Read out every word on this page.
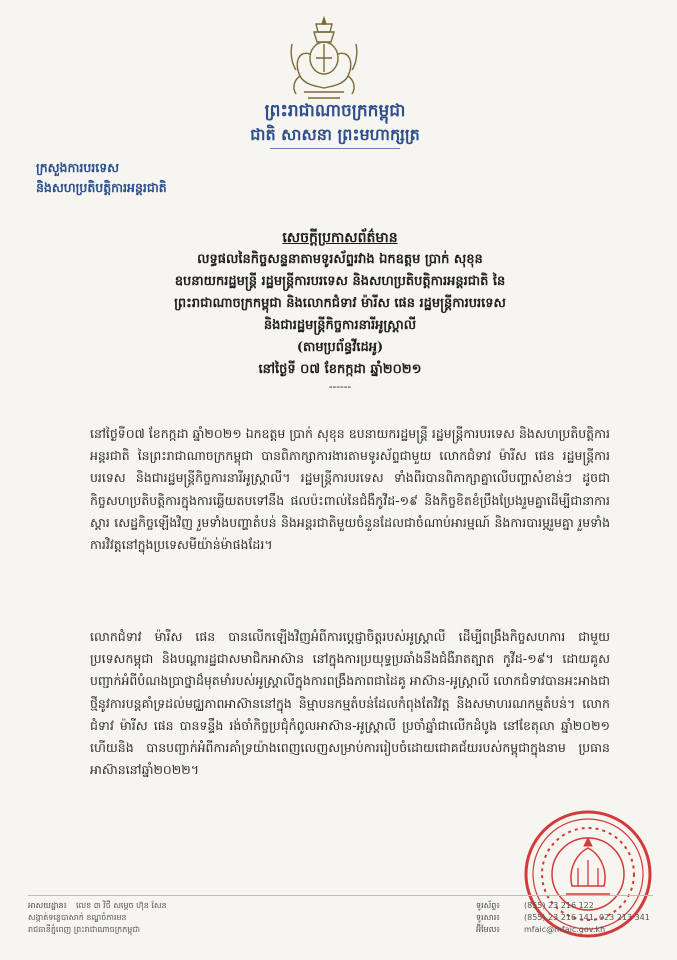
ព្រះរាជាណាចក្រកម្ពុជា
ជាតិ សាសនា ព្រះមហាក្សត្រ
ក្រសួងការបរទេស
និងសហប្រតិបត្តិការអន្តរជាតិ
សេចក្តីប្រកាសព័ត៌មាន
លទ្ធផលនៃកិច្ចសន្ទនាតាមទូរស័ព្ទរវាង ឯកឧត្តម ប្រាក់ សុខុន
ឧបនាយករដ្ឋមន្ត្រី រដ្ឋមន្ត្រីការបរទេស និងសហប្រតិបត្តិការអន្តរជាតិ នៃ
ព្រះរាជាណាចក្រកម្ពុជា និងលោកជំទាវ ម៉ារីស ផេន រដ្ឋមន្ត្រីការបរទេស
និងជារដ្ឋមន្ត្រីកិច្ចការនារីអូស្ត្រាលី
(តាមប្រព័ន្ធវីដេអូ)
នៅថ្ងៃទី ០៧ ខែកក្កដា ឆ្នាំ២០២១
------
នៅថ្ងៃទី០៧ ខែកក្កដា ឆ្នាំ២០២១ ឯកឧត្តម ប្រាក់ សុខុន ឧបនាយករដ្ឋមន្ត្រី រដ្ឋមន្ត្រីការបរទេស និងសហប្រតិបត្តិការអន្តរជាតិ នៃព្រះរាជាណាចក្រកម្ពុជា បានពិភាក្សាការងារតាមទូរស័ព្ទជាមួយ លោកជំទាវ ម៉ារីស ផេន រដ្ឋមន្ត្រីការបរទេស និងជារដ្ឋមន្ត្រីកិច្ចការនារីអូស្ត្រាលី។ រដ្ឋមន្ត្រីការបរទេស ទាំងពីរបានពិភាក្សាគ្នាលើបញ្ហាសំខាន់ៗ ដូចជា កិច្ចសហប្រតិបត្តិការក្នុងការឆ្លើយតបទៅនឹង ផលប៉ះពាល់នៃជំងឺកូវីដ-១៩ និងកិច្ចខិតខំប្រឹងប្រែងរួមគ្នាដើម្បីជានាការស្តារ សេដ្ឋកិច្ចឡើងវិញ រួមទាំងបញ្ហាតំបន់ និងអន្តរជាតិមួយចំនួនដែលជាចំណាប់អារម្មណ៍ និងការបារម្ភរួមគ្នា រួមទាំងការវិវត្តនៅក្នុងប្រទេសមីយ៉ាន់ម៉ាផងដែរ។
លោកជំទាវ ម៉ារីស ផេន បានលើកឡើងវិញអំពីការប្តេជ្ញាចិត្តរបស់អូស្ត្រាលី ដើម្បីពង្រឹងកិច្ចសហការ ជាមួយប្រទេសកម្ពុជា និងបណ្តារដ្ឋជាសមាជិកអាស៊ាន នៅក្នុងការប្រយុទ្ធប្រឆាំងនឹងជំងឺរាតត្បាត កូវីដ-១៩។ ដោយគូសបញ្ជាក់អំពីបំណងប្រាថ្នាដ៏មុតមាំរបស់អូស្ត្រាលីក្នុងការពង្រឹងភាពជាដៃគូ អាស៊ាន-អូស្ត្រាលី លោកជំទាវបានអះអាងជាថ្មីនូវការបន្តគាំទ្រដល់មជ្ឈភាពអាស៊ាននៅក្នុង និម្មាបនកម្មតំបន់ដែលកំពុងតែវិវត្ត និងសមាហរណកម្មតំបន់។ លោកជំទាវ ម៉ារីស ផេន បានទន្ទឹង រង់ចាំកិច្ចប្រជុំកំពូលអាស៊ាន-អូស្ត្រាលី ប្រចាំឆ្នាំជាលើកដំបូង នៅខែតុលា ឆ្នាំ២០២១ ហើយនិង បានបញ្ជាក់អំពីការគាំទ្រយ៉ាងពេញលេញសម្រាប់ការរៀបចំដោយជោគជ័យរបស់កម្ពុជាក្នុងនាម ប្រធានអាស៊ាននៅឆ្នាំ២០២២។
អាសយដ្ឋាន៖	លេខ ៣ វិថី សម្តេច ហ៊ុន សែន
សង្កាត់ទន្លេបាសាក់ ខណ្ឌចំការមន
រាជធានីភ្នំពេញ ព្រះរាជាណាចក្រកម្ពុជា
ទូរស័ព្ទ៖	(855) 23 216 122
ទូរសារ៖	(855) 23 216 141, 023 213 341
អ៊ីមែល៖	mfaic@mfaic.gov.kh
